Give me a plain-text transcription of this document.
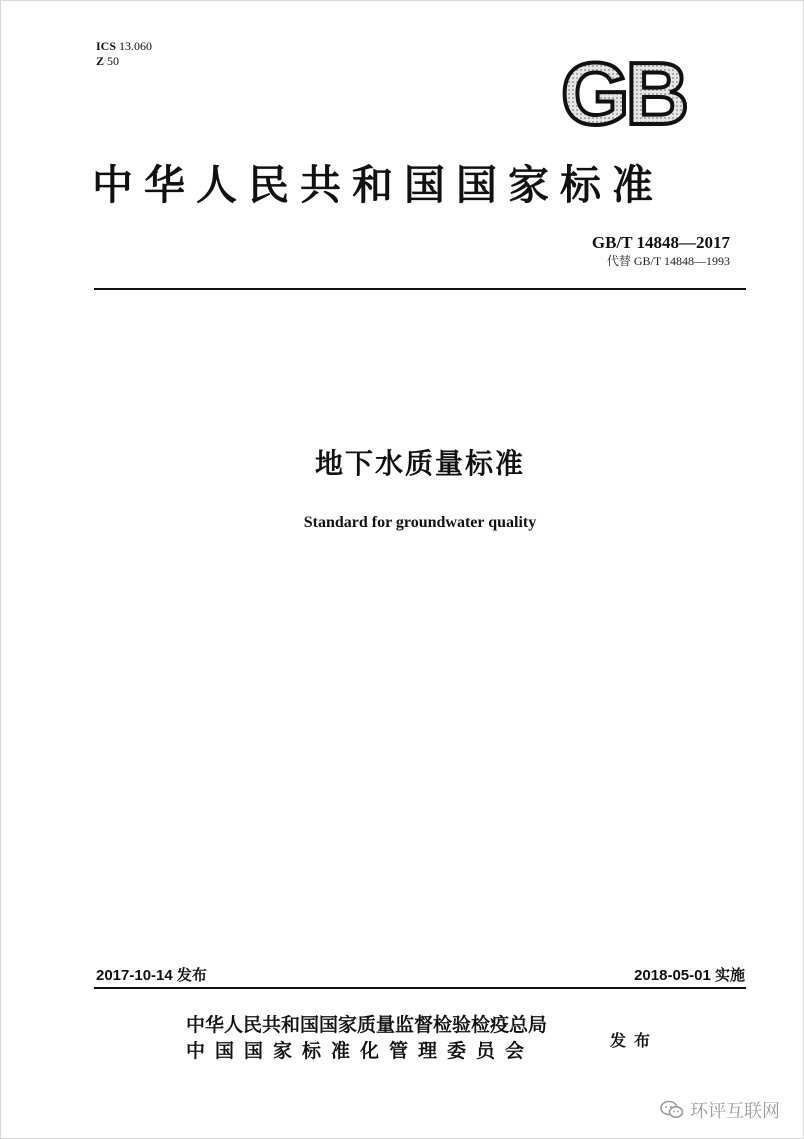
ICS 13.060
Z 50	GB
中华人民共和国国家标准
GB/T 14848—2017
代替 GB/T 14848—1993
地下水质量标准
Standard for groundwater quality
2017-10-14 发布	2018-05-01 实施
中华人民共和国国家质量监督检验检疫总局
中国国家标准化管理委员会	发布
环评互联网
